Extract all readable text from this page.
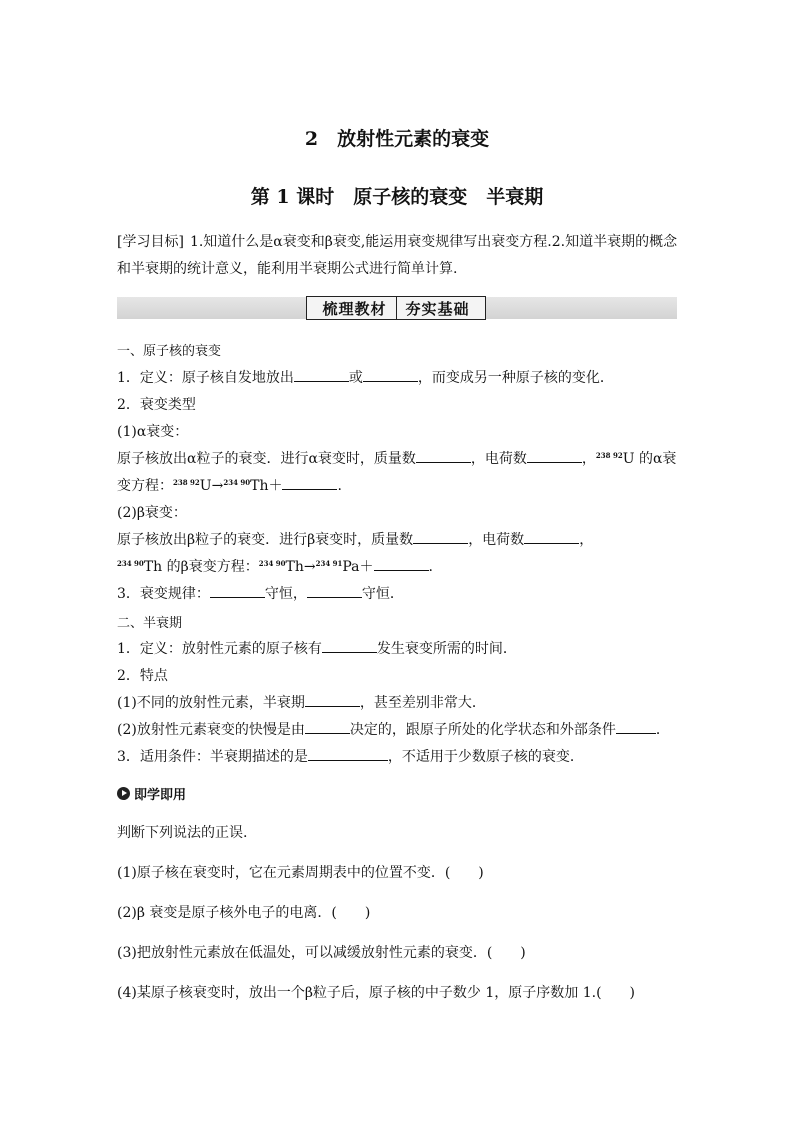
2　放射性元素的衰变
第 1 课时　原子核的衰变　半衰期
[学习目标] 1.知道什么是α衰变和β衰变,能运用衰变规律写出衰变方程.2.知道半衰期的概念和半衰期的统计意义，能利用半衰期公式进行简单计算.
梳理教材 夯实基础
一、原子核的衰变
1．定义：原子核自发地放出	或	，而变成另一种原子核的变化．
2．衰变类型
(1)α衰变：
原子核放出α粒子的衰变．进行α衰变时，质量数	，电荷数	，$^{238 92}$U 的α衰
变方程：$^{238 92}$U→$^{234 90}$Th＋	.
(2)β衰变：
原子核放出β粒子的衰变．进行β衰变时，质量数	，电荷数	，
$^{234 90}$Th 的β衰变方程：$^{234 90}$Th→$^{234 91}$Pa＋	.
3．衰变规律：	守恒，	守恒．
二、半衰期
1．定义：放射性元素的原子核有	发生衰变所需的时间．
2．特点
(1)不同的放射性元素，半衰期	，甚至差别非常大．
(2)放射性元素衰变的快慢是由	决定的，跟原子所处的化学状态和外部条件	．
3．适用条件：半衰期描述的是	，不适用于少数原子核的衰变．
即学即用
判断下列说法的正误.
(1)原子核在衰变时，它在元素周期表中的位置不变．(　　)
(2)β 衰变是原子核外电子的电离．(　　)
(3)把放射性元素放在低温处，可以减缓放射性元素的衰变．(　　)
(4)某原子核衰变时，放出一个β粒子后，原子核的中子数少 1，原子序数加 1.(　　)
